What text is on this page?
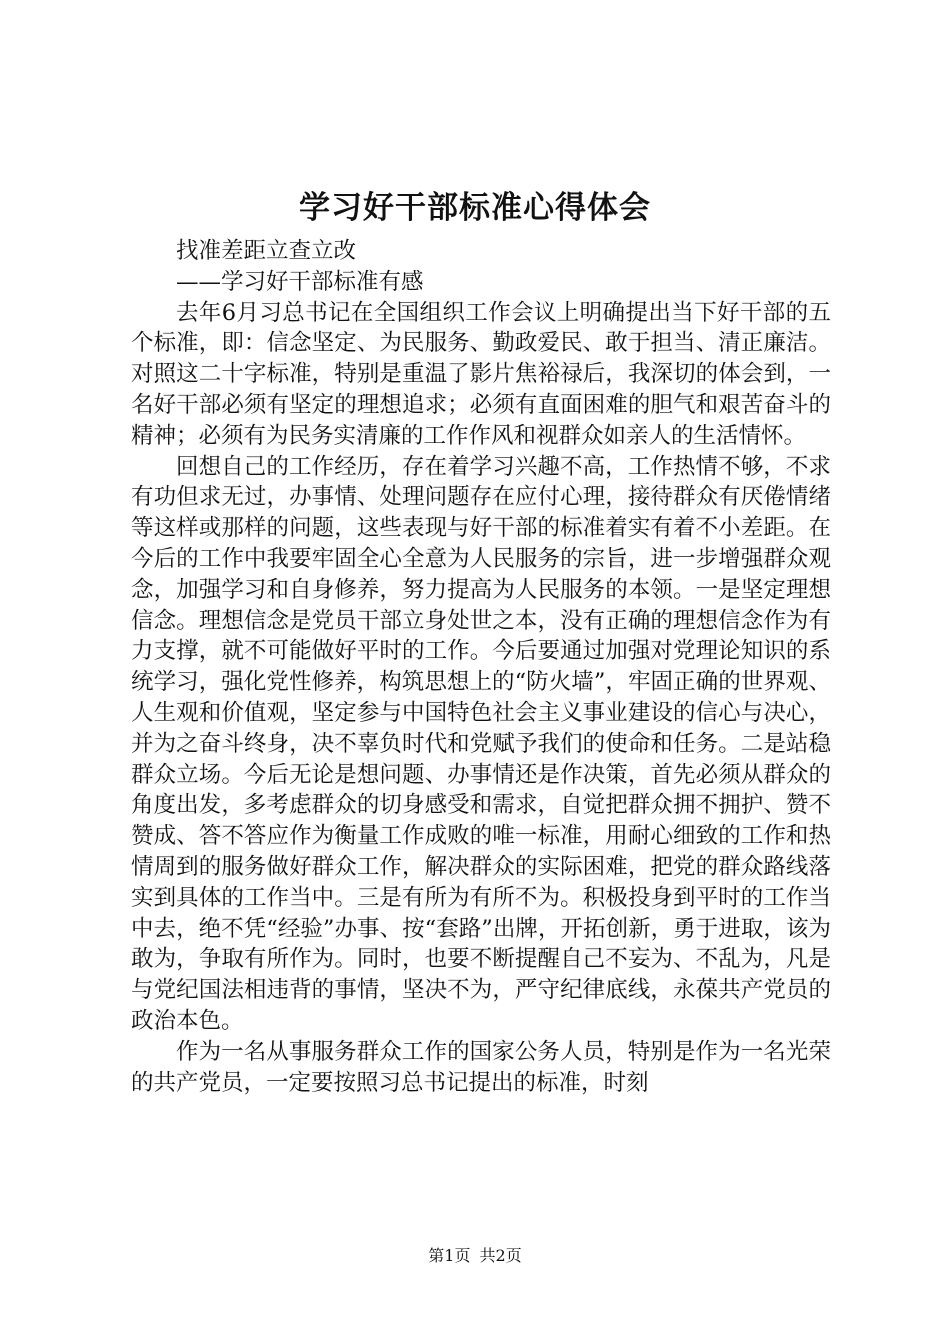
学习好干部标准心得体会

找准差距立查立改

——学习好干部标准有感

去年6月习总书记在全国组织工作会议上明确提出当下好干部的五个标准，即：信念坚定、为民服务、勤政爱民、敢于担当、清正廉洁。对照这二十字标准，特别是重温了影片焦裕禄后，我深切的体会到，一名好干部必须有坚定的理想追求；必须有直面困难的胆气和艰苦奋斗的精神；必须有为民务实清廉的工作作风和视群众如亲人的生活情怀。

回想自己的工作经历，存在着学习兴趣不高，工作热情不够，不求有功但求无过，办事情、处理问题存在应付心理，接待群众有厌倦情绪等这样或那样的问题，这些表现与好干部的标准着实有着不小差距。在今后的工作中我要牢固全心全意为人民服务的宗旨，进一步增强群众观念，加强学习和自身修养，努力提高为人民服务的本领。一是坚定理想信念。理想信念是党员干部立身处世之本，没有正确的理想信念作为有力支撑，就不可能做好平时的工作。今后要通过加强对党理论知识的系统学习，强化党性修养，构筑思想上的“防火墙”，牢固正确的世界观、人生观和价值观，坚定参与中国特色社会主义事业建设的信心与决心，并为之奋斗终身，决不辜负时代和党赋予我们的使命和任务。二是站稳群众立场。今后无论是想问题、办事情还是作决策，首先必须从群众的角度出发，多考虑群众的切身感受和需求，自觉把群众拥不拥护、赞不赞成、答不答应作为衡量工作成败的唯一标准，用耐心细致的工作和热情周到的服务做好群众工作，解决群众的实际困难，把党的群众路线落实到具体的工作当中。三是有所为有所不为。积极投身到平时的工作当中去，绝不凭“经验”办事、按“套路”出牌，开拓创新，勇于进取，该为敢为，争取有所作为。同时，也要不断提醒自己不妄为、不乱为，凡是与党纪国法相违背的事情，坚决不为，严守纪律底线，永葆共产党员的政治本色。

作为一名从事服务群众工作的国家公务人员，特别是作为一名光荣的共产党员，一定要按照习总书记提出的标准，时刻

第1页 共2页
